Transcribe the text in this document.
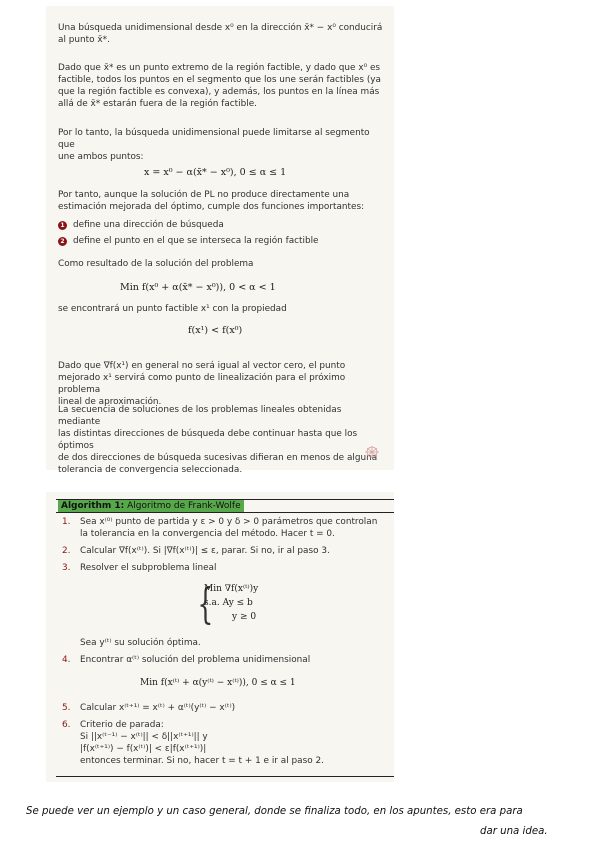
Una búsqueda unidimensional desde x⁰ en la dirección x̄* − x⁰ conducirá
al punto x̄*.
Dado que x̄* es un punto extremo de la región factible, y dado que x⁰ es
factible, todos los puntos en el segmento que los une serán factibles (ya
que la región factible es convexa), y además, los puntos en la línea más
allá de x̄* estarán fuera de la región factible.
Por lo tanto, la búsqueda unidimensional puede limitarse al segmento que
une ambos puntos:
x = x⁰ − α(x̄* − x⁰), 0 ≤ α ≤ 1
Por tanto, aunque la solución de PL no produce directamente una
estimación mejorada del óptimo, cumple dos funciones importantes:
1 define una dirección de búsqueda
2 define el punto en el que se interseca la región factible
Como resultado de la solución del problema
Min f(x⁰ + α(x̄* − x⁰)), 0 < α < 1
se encontrará un punto factible x¹ con la propiedad
f(x¹) < f(x⁰)
Dado que ∇f(x¹) en general no será igual al vector cero, el punto
mejorado x¹ servirá como punto de linealización para el próximo problema
lineal de aproximación.
La secuencia de soluciones de los problemas lineales obtenidas mediante
las distintas direcciones de búsqueda debe continuar hasta que los óptimos
de dos direcciones de búsqueda sucesivas difieran en menos de alguna
tolerancia de convergencia seleccionada.
Algorithm 1: Algoritmo de Frank-Wolfe
1. Sea x⁽⁰⁾ punto de partida y ε > 0 y δ > 0 parámetros que controlan
la tolerancia en la convergencia del método. Hacer t = 0.
2. Calcular ∇f(x⁽ᵗ⁾). Si |∇f(x⁽ᵗ⁾)| ≤ ε, parar. Si no, ir al paso 3.
3. Resolver el subproblema lineal
{
Min ∇f(x⁽ᵗ⁾)y
s.a. Ay ≤ b
y ≥ 0
Sea y⁽ᵗ⁾ su solución óptima.
4. Encontrar α⁽ᵗ⁾ solución del problema unidimensional
Min f(x⁽ᵗ⁾ + α(y⁽ᵗ⁾ − x⁽ᵗ⁾)), 0 ≤ α ≤ 1
5. Calcular x⁽ᵗ⁺¹⁾ = x⁽ᵗ⁾ + α⁽ᵗ⁾(y⁽ᵗ⁾ − x⁽ᵗ⁾)
6. Criterio de parada:
Si ||x⁽ᵗ⁻¹⁾ − x⁽ᵗ⁾|| < δ||x⁽ᵗ⁺¹⁾|| y
|f(x⁽ᵗ⁺¹⁾) − f(x⁽ᵗ⁾)| < ε|f(x⁽ᵗ⁺¹⁾)|
entonces terminar. Si no, hacer t = t + 1 e ir al paso 2.
Se puede ver un ejemplo y un caso general, donde se finaliza todo, en los apuntes, esto era para
dar una idea.
